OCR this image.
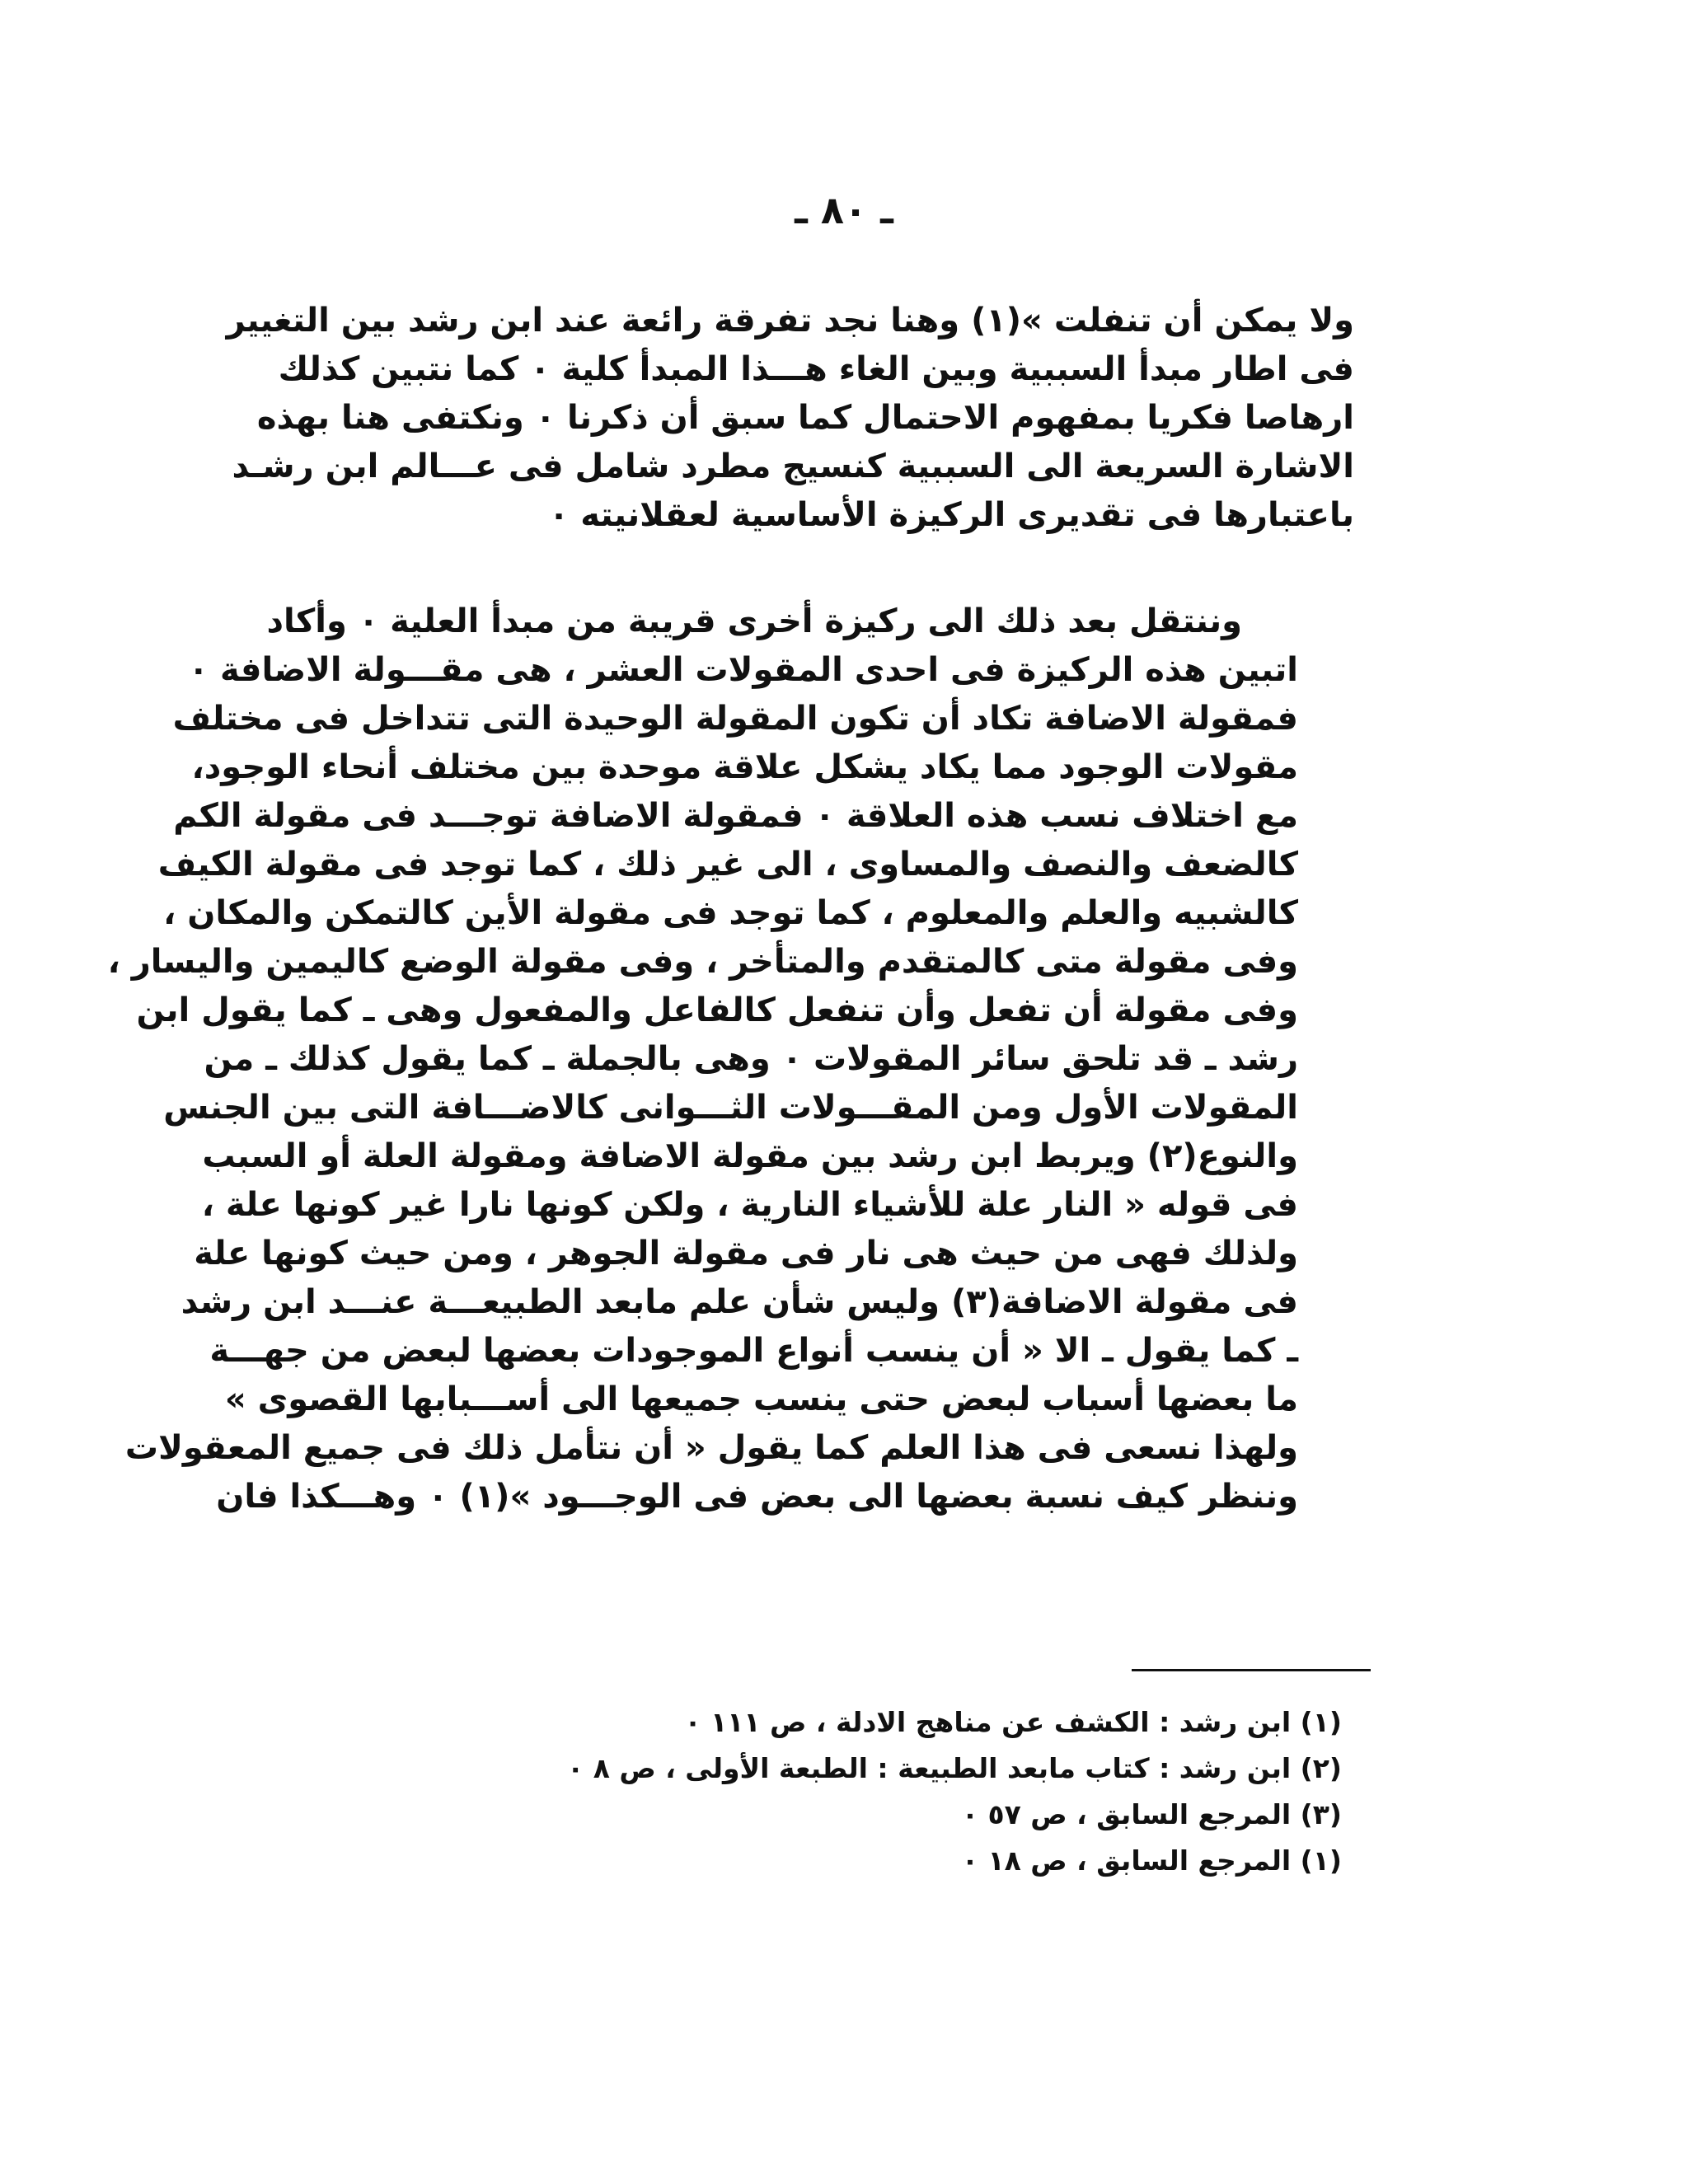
ـ ٨٠ ـ

ولا يمكن أن تنفلت »(١) وهنا نجد تفرقة رائعة عند ابن رشد بين التغيير
فى اطار مبدأ السببية وبين الغاء هـــذا المبدأ كلية ٠ كما نتبين كذلك
ارهاصا فكريا بمفهوم الاحتمال كما سبق أن ذكرنا ٠ ونكتفى هنا بهذه
الاشارة السريعة الى السببية كنسيج مطرد شامل فى عـــالم ابن رشـد
باعتبارها فى تقديرى الركيزة الأساسية لعقلانيته ٠

وننتقل بعد ذلك الى ركيزة أخرى قريبة من مبدأ العلية ٠ وأكاد
اتبين هذه الركيزة فى احدى المقولات العشر ، هى مقـــولة الاضافة ٠
فمقولة الاضافة تكاد أن تكون المقولة الوحيدة التى تتداخل فى مختلف
مقولات الوجود مما يكاد يشكل علاقة موحدة بين مختلف أنحاء الوجود،
مع اختلاف نسب هذه العلاقة ٠ فمقولة الاضافة توجـــد فى مقولة الكم
كالضعف والنصف والمساوى ، الى غير ذلك ، كما توجد فى مقولة الكيف
كالشبيه والعلم والمعلوم ، كما توجد فى مقولة الأين كالتمكن والمكان ،
وفى مقولة متى كالمتقدم والمتأخر ، وفى مقولة الوضع كاليمين واليسار ،
وفى مقولة أن تفعل وأن تنفعل كالفاعل والمفعول وهى ـ كما يقول ابن
رشد ـ قد تلحق سائر المقولات ٠ وهى بالجملة ـ كما يقول كذلك ـ من
المقولات الأول ومن المقـــولات الثـــوانى كالاضـــافة التى بين الجنس
والنوع(٢) ويربط ابن رشد بين مقولة الاضافة ومقولة العلة أو السبب
فى قوله « النار علة للأشياء النارية ، ولكن كونها نارا غير كونها علة ،
ولذلك فهى من حيث هى نار فى مقولة الجوهر ، ومن حيث كونها علة
فى مقولة الاضافة(٣) وليس شأن علم مابعد الطبيعـــة عنـــد ابن رشد
ـ كما يقول ـ الا « أن ينسب أنواع الموجودات بعضها لبعض من جهـــة
ما بعضها أسباب لبعض حتى ينسب جميعها الى أســـبابها القصوى »
ولهذا نسعى فى هذا العلم كما يقول « أن نتأمل ذلك فى جميع المعقولات
وننظر كيف نسبة بعضها الى بعض فى الوجـــود »(١) ٠ وهـــكذا فان

(١) ابن رشد : الكشف عن مناهج الادلة ، ص ١١١ ٠
(٢) ابن رشد : كتاب مابعد الطبيعة : الطبعة الأولى ، ص ٨ ٠
(٣) المرجع السابق ، ص ٥٧ ٠
(١) المرجع السابق ، ص ١٨ ٠
